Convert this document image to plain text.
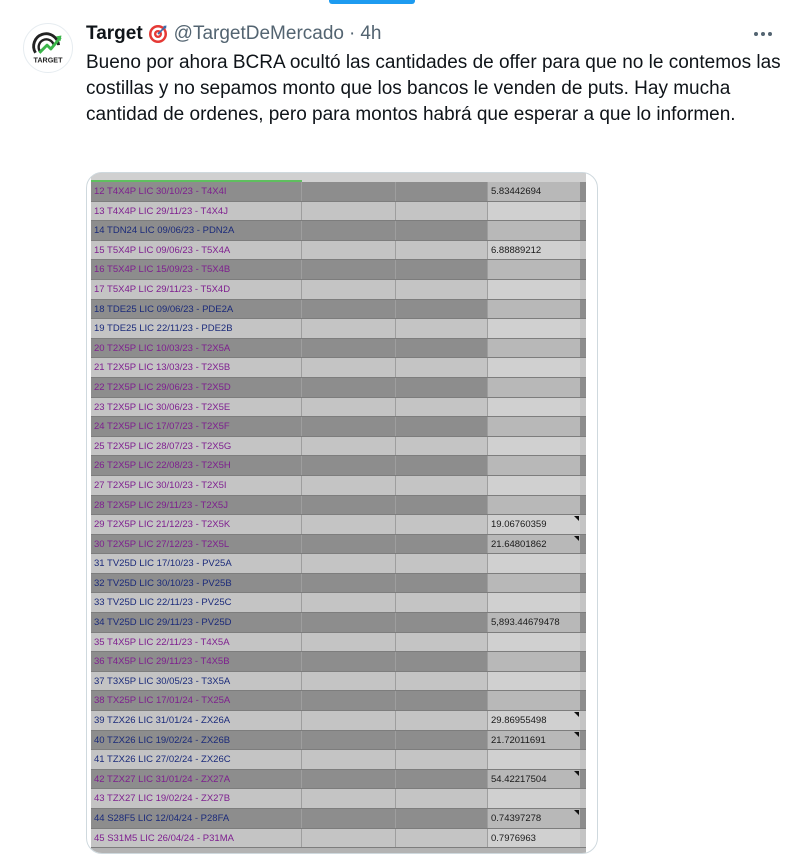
TARGET
Target @TargetDeMercado · 4h
Bueno por ahora BCRA ocultó las cantidades de offer para que no le contemos las costillas y no sepamos monto que los bancos le venden de puts. Hay mucha cantidad de ordenes, pero para montos habrá que esperar a que lo informen.
12 T4X4P LIC 30/10/23 - T4X4I	5.83442694
13 T4X4P LIC 29/11/23 - T4X4J
14 TDN24 LIC 09/06/23 - PDN2A
15 T5X4P LIC 09/06/23 - T5X4A	6.88889212
16 T5X4P LIC 15/09/23 - T5X4B
17 T5X4P LIC 29/11/23 - T5X4D
18 TDE25 LIC 09/06/23 - PDE2A
19 TDE25 LIC 22/11/23 - PDE2B
20 T2X5P LIC 10/03/23 - T2X5A
21 T2X5P LIC 13/03/23 - T2X5B
22 T2X5P LIC 29/06/23 - T2X5D
23 T2X5P LIC 30/06/23 - T2X5E
24 T2X5P LIC 17/07/23 - T2X5F
25 T2X5P LIC 28/07/23 - T2X5G
26 T2X5P LIC 22/08/23 - T2X5H
27 T2X5P LIC 30/10/23 - T2X5I
28 T2X5P LIC 29/11/23 - T2X5J
29 T2X5P LIC 21/12/23 - T2X5K	19.06760359
30 T2X5P LIC 27/12/23 - T2X5L	21.64801862
31 TV25D LIC 17/10/23 - PV25A
32 TV25D LIC 30/10/23 - PV25B
33 TV25D LIC 22/11/23 - PV25C
34 TV25D LIC 29/11/23 - PV25D	5,893.44679478
35 T4X5P LIC 22/11/23 - T4X5A
36 T4X5P LIC 29/11/23 - T4X5B
37 T3X5P LIC 30/05/23 - T3X5A
38 TX25P LIC 17/01/24 - TX25A
39 TZX26 LIC 31/01/24 - ZX26A	29.86955498
40 TZX26 LIC 19/02/24 - ZX26B	21.72011691
41 TZX26 LIC 27/02/24 - ZX26C
42 TZX27 LIC 31/01/24 - ZX27A	54.42217504
43 TZX27 LIC 19/02/24 - ZX27B
44 S28F5 LIC 12/04/24 - P28FA	0.74397278
45 S31M5 LIC 26/04/24 - P31MA	0.7976963
